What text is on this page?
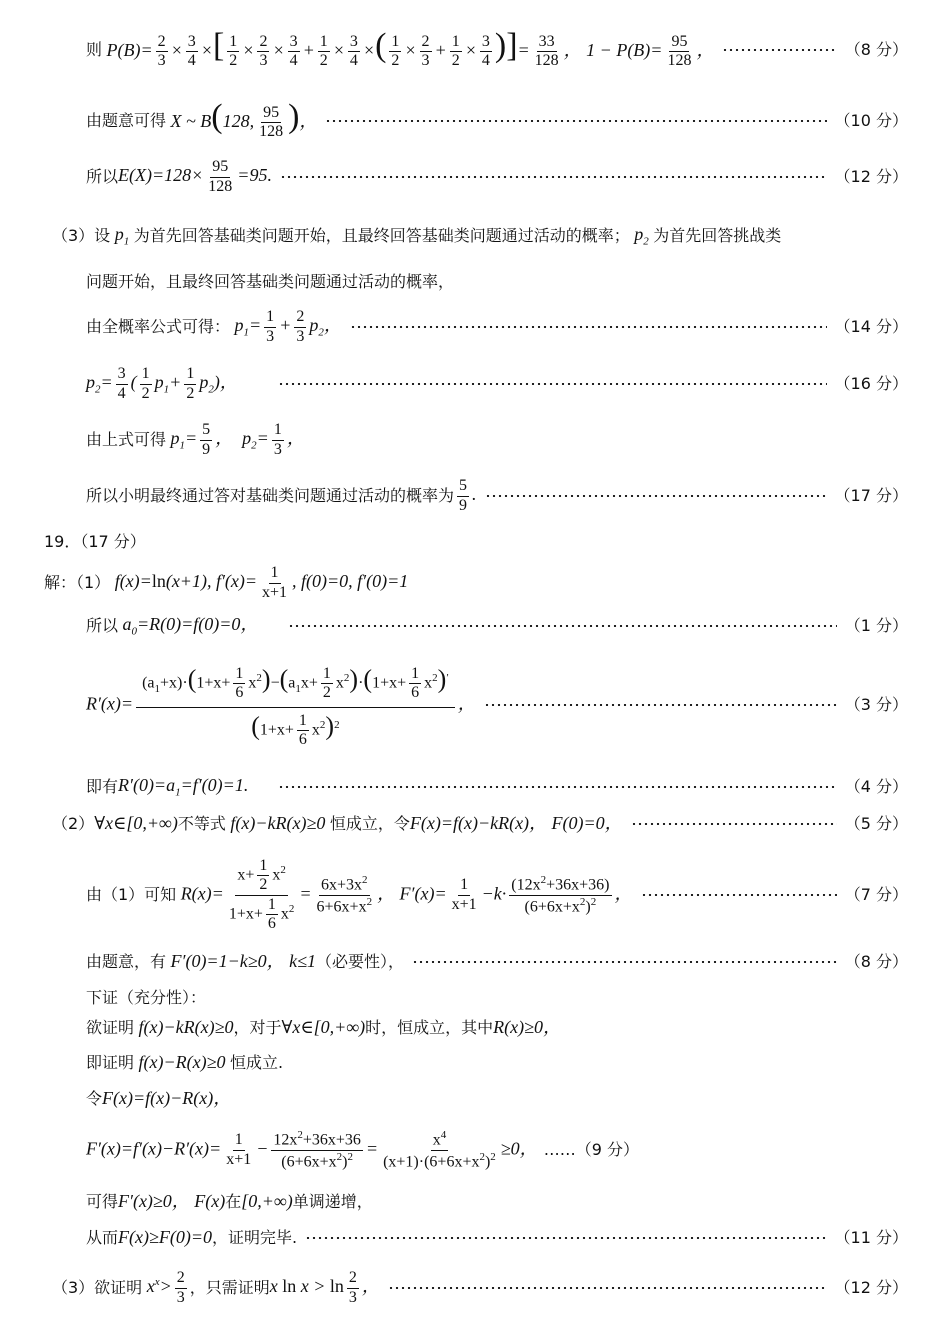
则 $P(B)= \frac{2}{3} \times \frac{3}{4}$ ×[ $\frac{1}{2} \times \frac{2}{3} \times \frac{3}{4} + \frac{1}{2} \times \frac{3}{4}$ ×( $\frac{1}{2} \times \frac{2}{3} + \frac{1}{2} \times \frac{3}{4}$ )]= $\frac{33}{128}$ ， $1 - P(B)= \frac{95}{128}$ ，	（8 分）
由题意可得 X ~ B(128, $\frac{95}{128}$ )，	（10 分）
所以 $E(X)=128\times \frac{95}{128} =95$.	（12 分）
（3）设 $p_1$ 为首先回答基础类问题开始，且最终回答基础类问题通过活动的概率； $p_2$ 为首先回答挑战类
问题开始，且最终回答基础类问题通过活动的概率，
由全概率公式可得： $p_1= \frac{1}{3} + \frac{2}{3} p_2$，	（14 分）
$p_2= \frac{3}{4}$ ( $\frac{1}{2} p_1+ \frac{1}{2} p_2$)，	（16 分）
由上式可得 $p_1= \frac{5}{9}$ ，  $p_2= \frac{1}{3}$ ，
所以小明最终通过答对基础类问题通过活动的概率为 $\frac{5}{9}$ .	（17 分）
19．（17 分）
解：（1） f(x)=ln(x+1), $f'(x)= \frac{1}{x+1}$ , f(0)=0, f′(0)=1
所以 $a_0=R(0)=f(0)=0$，	（1 分）
$R'(x)= \frac{(a_1+x)\cdot(1+x+ \frac{1}{6} x^2)-(a_1x+ \frac{1}{2} x^2)\cdot(1+x+ \frac{1}{6} x^2)'}{(1+x+ \frac{1}{6} x^2)^2}$ ，	（3 分）
即有 $R'(0)=a_1=f'(0)=1$.	（4 分）
（2） ∀x∈[0,+∞) 不等式 f(x)−kR(x)≥0 恒成立，令 F(x)=f(x)−kR(x)， F(0)=0，	（5 分）
由（1）可知 $R(x)= \frac{x+ \frac{1}{2} x^2}{1+x+ \frac{1}{6} x^2} = \frac{6x+3x^2}{6+6x+x^2}$ ， $F'(x)= \frac{1}{x+1} -k\cdot \frac{(12x^2+36x+36)}{(6+6x+x^2)^2}$ ，	（7 分）
由题意，有 F′(0)=1−k≥0， k≤1 （必要性），	（8 分）
下证（充分性）：
欲证明 f(x)−kR(x)≥0 ，对于 ∀x∈[0,+∞) 时，恒成立，其中 R(x)≥0，
即证明 f(x)−R(x)≥0 恒成立.
令 F(x)=f(x)−R(x)，
$F'(x)=f'(x)-R'(x)= \frac{1}{x+1} - \frac{12x^2+36x+36}{(6+6x+x^2)^2} = \frac{x^4}{(x+1)\cdot(6+6x+x^2)^2} \ge 0$， ……（9 分）
可得 F′(x)≥0， F(x) 在 [0,+∞) 单调递增，
从而 F(x)≥F(0)=0 ，证明完毕.	（11 分）
（3）欲证明 $x^x> \frac{2}{3}$ ，只需证明 x $\ln x > \ln \frac{2}{3}$ ，	（12 分）
